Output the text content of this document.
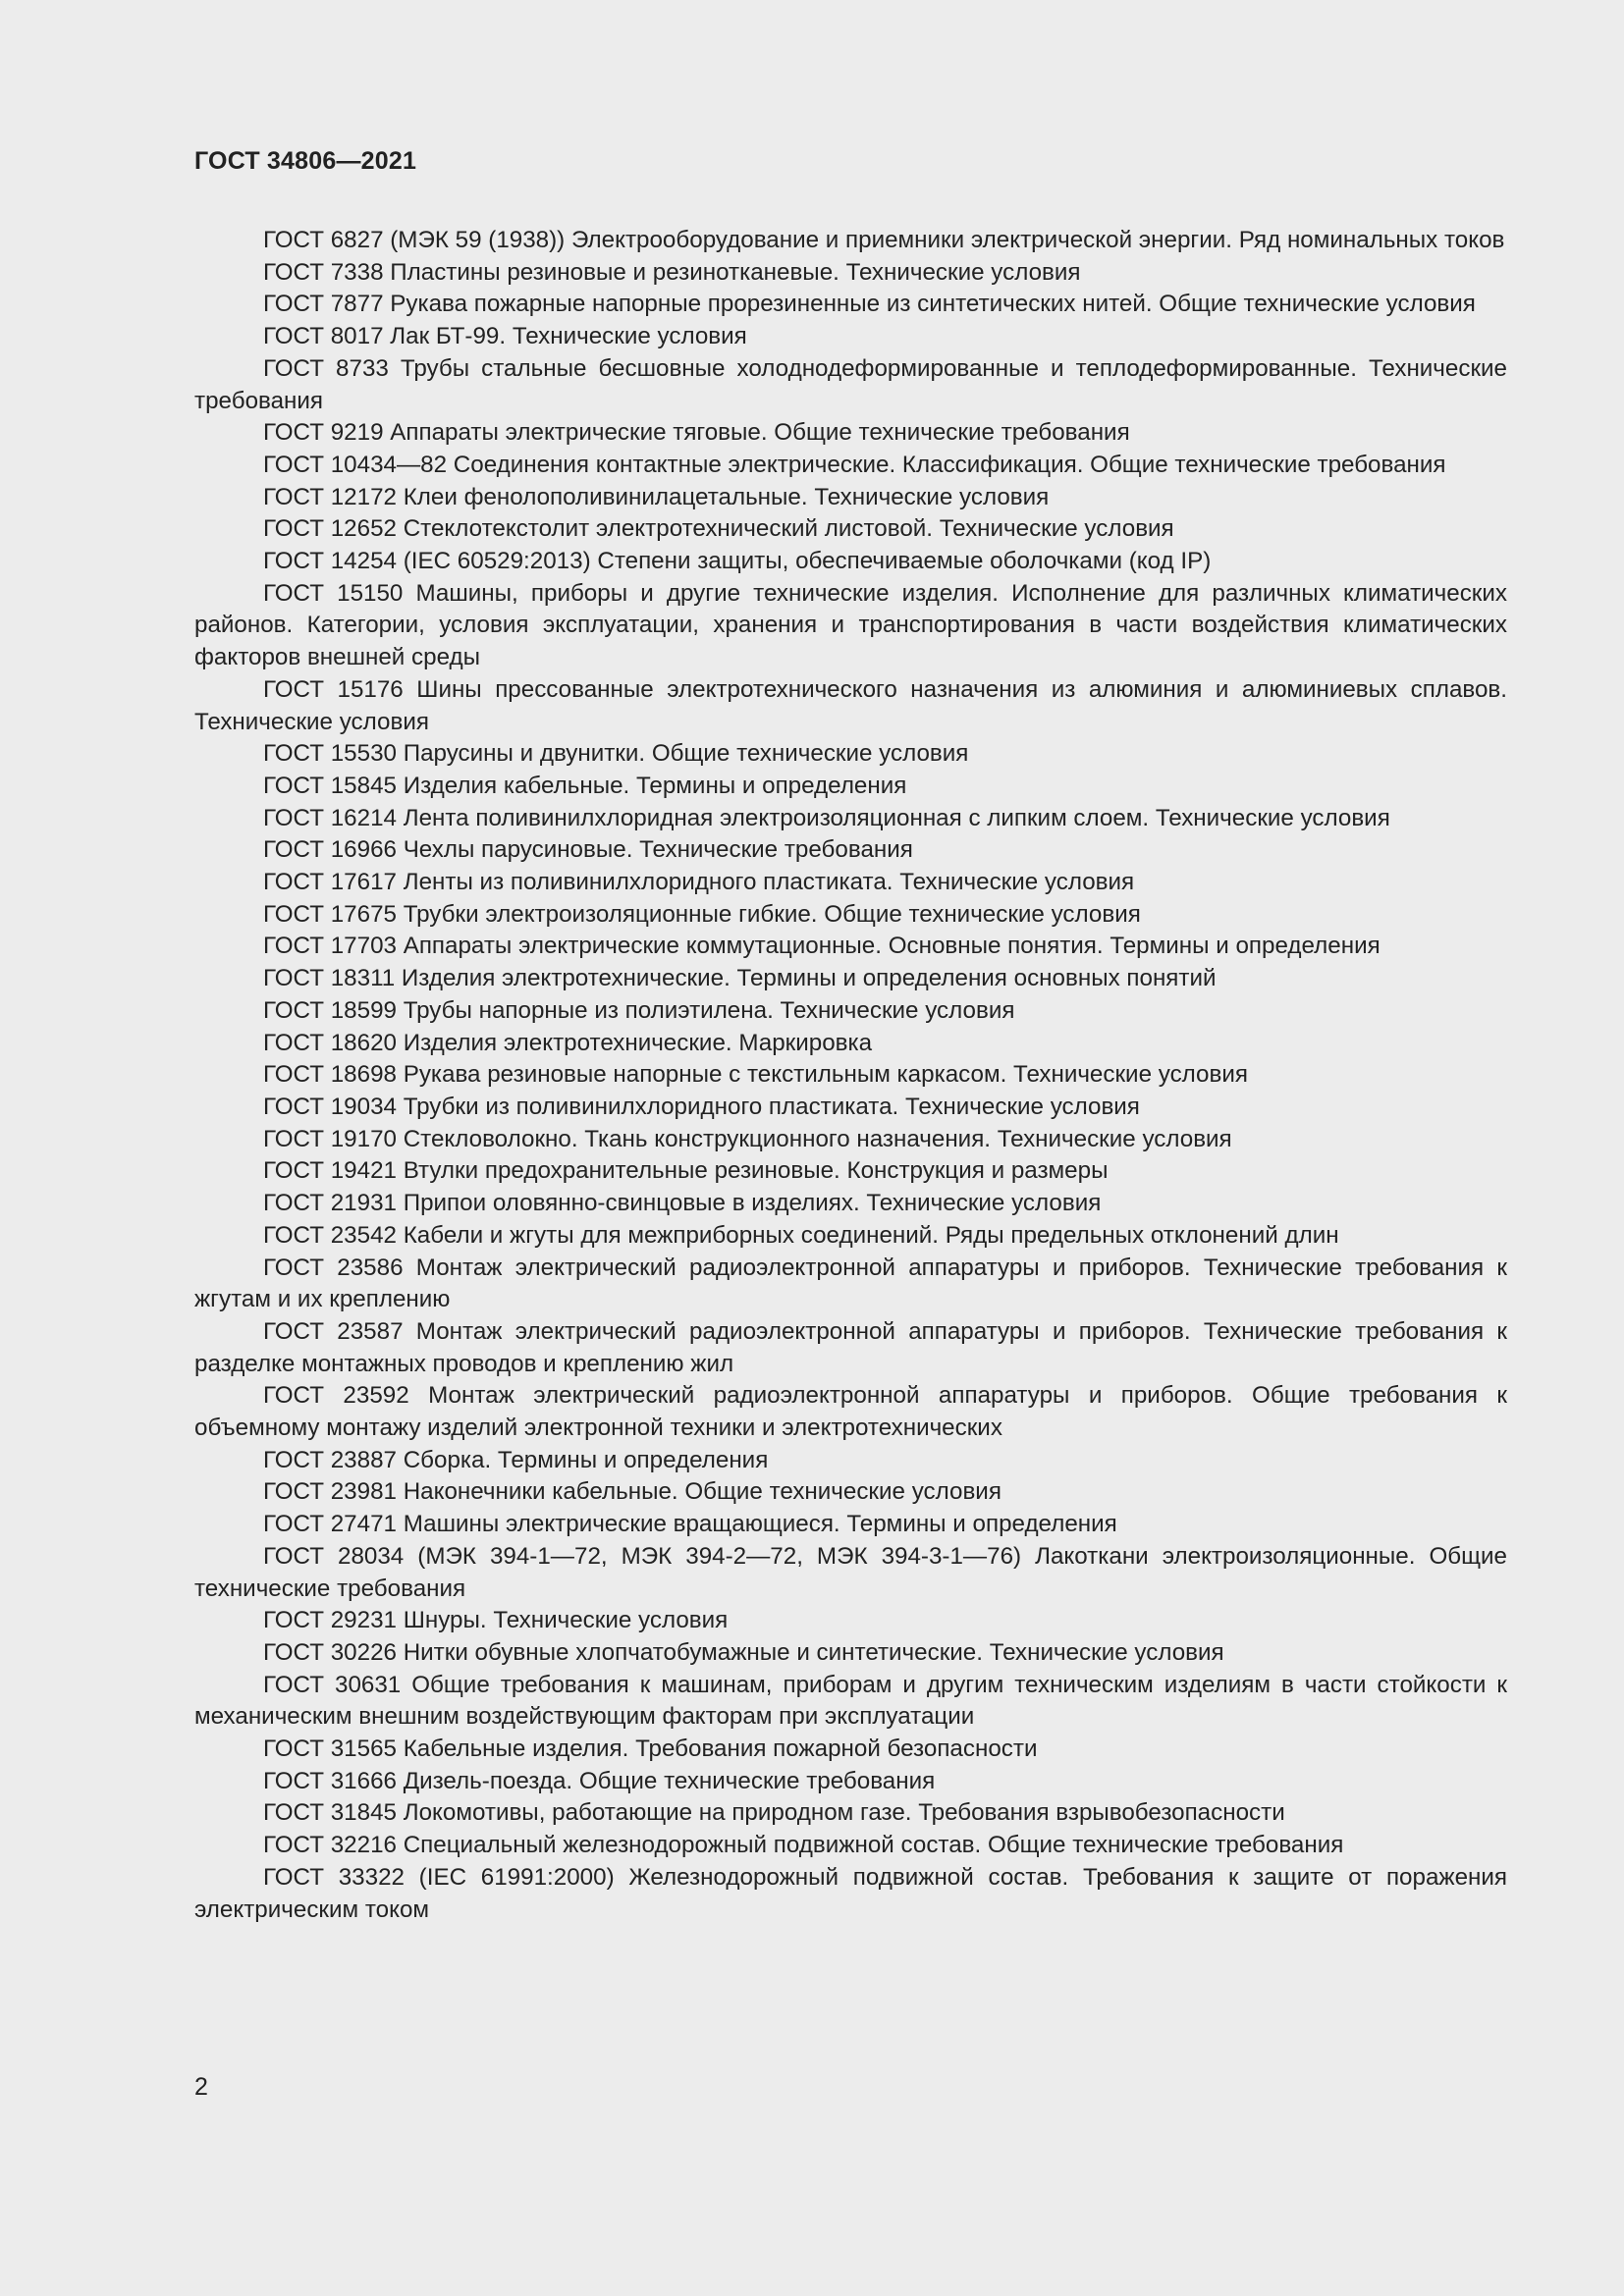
ГОСТ 34806—2021

ГОСТ 6827 (МЭК 59 (1938)) Электрооборудование и приемники электрической энергии. Ряд номинальных токов

ГОСТ 7338 Пластины резиновые и резинотканевые. Технические условия

ГОСТ 7877 Рукава пожарные напорные прорезиненные из синтетических нитей. Общие технические условия

ГОСТ 8017 Лак БТ-99. Технические условия

ГОСТ 8733 Трубы стальные бесшовные холоднодеформированные и теплодеформированные. Технические требования

ГОСТ 9219 Аппараты электрические тяговые. Общие технические требования

ГОСТ 10434—82 Соединения контактные электрические. Классификация. Общие технические требования

ГОСТ 12172 Клеи фенолополивинилацетальные. Технические условия

ГОСТ 12652 Стеклотекстолит электротехнический листовой. Технические условия

ГОСТ 14254 (IEC 60529:2013) Степени защиты, обеспечиваемые оболочками (код IP)

ГОСТ 15150 Машины, приборы и другие технические изделия. Исполнение для различных климатических районов. Категории, условия эксплуатации, хранения и транспортирования в части воздействия климатических факторов внешней среды

ГОСТ 15176 Шины прессованные электротехнического назначения из алюминия и алюминиевых сплавов. Технические условия

ГОСТ 15530 Парусины и двунитки. Общие технические условия

ГОСТ 15845 Изделия кабельные. Термины и определения

ГОСТ 16214 Лента поливинилхлоридная электроизоляционная с липким слоем. Технические условия

ГОСТ 16966 Чехлы парусиновые. Технические требования

ГОСТ 17617 Ленты из поливинилхлоридного пластиката. Технические условия

ГОСТ 17675 Трубки электроизоляционные гибкие. Общие технические условия

ГОСТ 17703 Аппараты электрические коммутационные. Основные понятия. Термины и определения

ГОСТ 18311 Изделия электротехнические. Термины и определения основных понятий

ГОСТ 18599 Трубы напорные из полиэтилена. Технические условия

ГОСТ 18620 Изделия электротехнические. Маркировка

ГОСТ 18698 Рукава резиновые напорные с текстильным каркасом. Технические условия

ГОСТ 19034 Трубки из поливинилхлоридного пластиката. Технические условия

ГОСТ 19170 Стекловолокно. Ткань конструкционного назначения. Технические условия

ГОСТ 19421 Втулки предохранительные резиновые. Конструкция и размеры

ГОСТ 21931 Припои оловянно-свинцовые в изделиях. Технические условия

ГОСТ 23542 Кабели и жгуты для межприборных соединений. Ряды предельных отклонений длин

ГОСТ 23586 Монтаж электрический радиоэлектронной аппаратуры и приборов. Технические требования к жгутам и их креплению

ГОСТ 23587 Монтаж электрический радиоэлектронной аппаратуры и приборов. Технические требования к разделке монтажных проводов и креплению жил

ГОСТ 23592 Монтаж электрический радиоэлектронной аппаратуры и приборов. Общие требования к объемному монтажу изделий электронной техники и электротехнических

ГОСТ 23887 Сборка. Термины и определения

ГОСТ 23981 Наконечники кабельные. Общие технические условия

ГОСТ 27471 Машины электрические вращающиеся. Термины и определения

ГОСТ 28034 (МЭК 394-1—72, МЭК 394-2—72, МЭК 394-3-1—76) Лакоткани электроизоляционные. Общие технические требования

ГОСТ 29231 Шнуры. Технические условия

ГОСТ 30226 Нитки обувные хлопчатобумажные и синтетические. Технические условия

ГОСТ 30631 Общие требования к машинам, приборам и другим техническим изделиям в части стойкости к механическим внешним воздействующим факторам при эксплуатации

ГОСТ 31565 Кабельные изделия. Требования пожарной безопасности

ГОСТ 31666 Дизель-поезда. Общие технические требования

ГОСТ 31845 Локомотивы, работающие на природном газе. Требования взрывобезопасности

ГОСТ 32216 Специальный железнодорожный подвижной состав. Общие технические требования

ГОСТ 33322 (IEC 61991:2000) Железнодорожный подвижной состав. Требования к защите от поражения электрическим током

2
